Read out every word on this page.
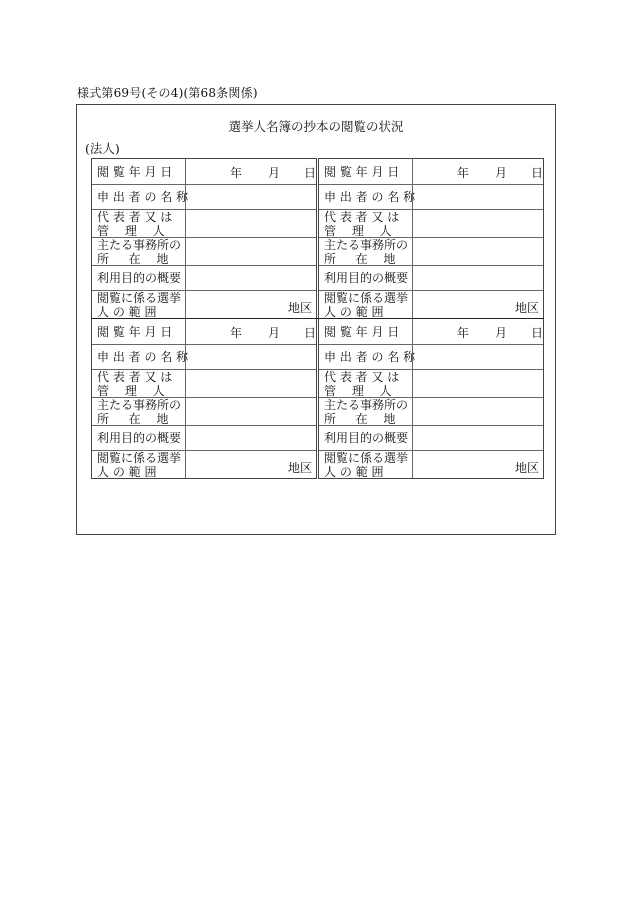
様式第69号(その4)(第68条関係)
選挙人名簿の抄本の閲覧の状況
(法人)
閲 覧 年 月 日	年 月 日
申 出 者 の 名 称
代 表 者 又 は
管　 理 　人
主たる事務所の
所 　 在 　地
利用目的の概要
閲覧に係る選挙
人 の 範 囲	地区
閲 覧 年 月 日	年 月 日
申 出 者 の 名 称
代 表 者 又 は
管　 理 　人
主たる事務所の
所 　 在 　地
利用目的の概要
閲覧に係る選挙
人 の 範 囲	地区
閲 覧 年 月 日	年 月 日
申 出 者 の 名 称
代 表 者 又 は
管　 理 　人
主たる事務所の
所 　 在 　地
利用目的の概要
閲覧に係る選挙
人 の 範 囲	地区
閲 覧 年 月 日	年 月 日
申 出 者 の 名 称
代 表 者 又 は
管　 理 　人
主たる事務所の
所 　 在 　地
利用目的の概要
閲覧に係る選挙
人 の 範 囲	地区
